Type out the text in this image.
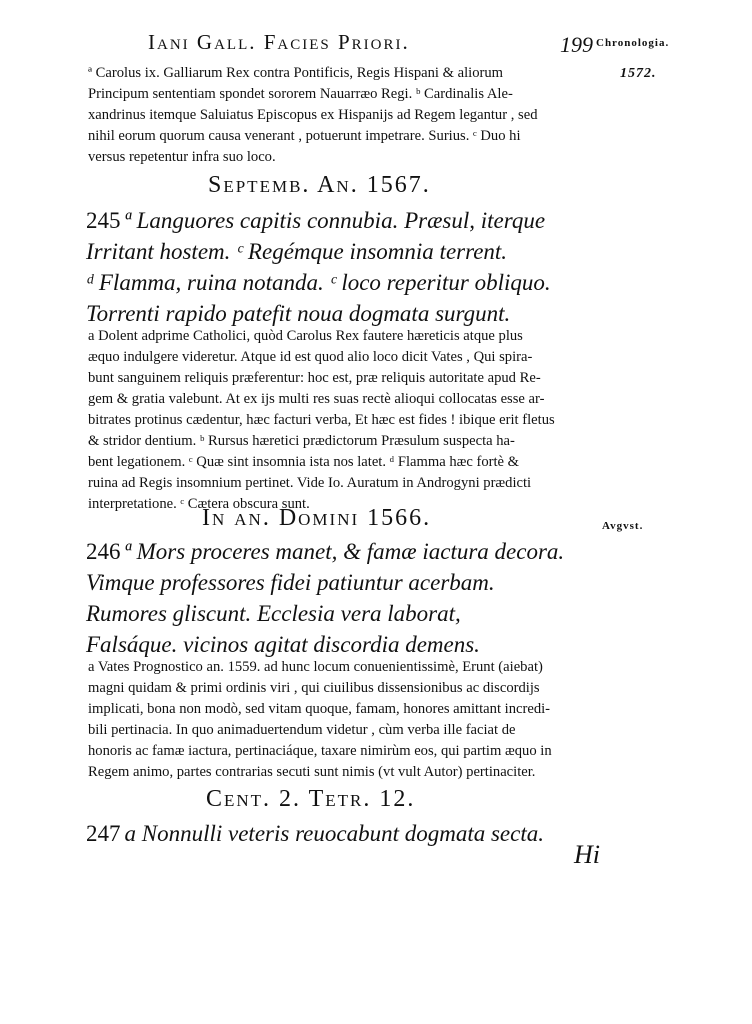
Iani Gall. Facies Priori.	199 Chronologia.
1572.
Avgvst.
ª Carolus ix. Galliarum Rex contra Pontificis, Regis Hispani & aliorum
Principum sententiam spondet sororem Nauarræo Regi. ᵇ Cardinalis Ale-
xandrinus itemque Saluiatus Episcopus ex Hispanijs ad Regem legantur , sed
nihil eorum quorum causa venerant , potuerunt impetrare. Surius. ᶜ Duo hi
versus repetentur infra suo loco.
Septemb. An. 1567.
245 ª Languores capitis connubia. Præsul, iterque
Irritant hostem. ᶜ Regémque insomnia terrent.
ᵈ Flamma, ruina notanda. ᶜ loco reperitur obliquo.
Torrenti rapido patefit noua dogmata surgunt.
a Dolent adprime Catholici, quòd Carolus Rex fautere hæreticis atque plus
æquo indulgere videretur. Atque id est quod alio loco dicit Vates , Qui spira-
bunt sanguinem reliquis præferentur: hoc est, præ reliquis autoritate apud Re-
gem & gratia valebunt. At ex ijs multi res suas rectè alioqui collocatas esse ar-
bitrates protinus cædentur, hæc facturi verba, Et hæc est fides ! ibique erit fletus
& stridor dentium. ᵇ Rursus hæretici prædictorum Præsulum suspecta ha-
bent legationem. ᶜ Quæ sint insomnia ista nos latet. ᵈ Flamma hæc fortè &
ruina ad Regis insomnium pertinet. Vide Io. Auratum in Androgyni prædicti
interpretatione. ᶜ Cætera obscura sunt.
In an. Domini 1566.
246 ª Mors proceres manet, & famæ iactura decora.
Vimque professores fidei patiuntur acerbam.
Rumores gliscunt. Ecclesia vera laborat,
Falsáque. vicinos agitat discordia demens.
a Vates Prognostico an. 1559. ad hunc locum conuenientissimè, Erunt (aiebat)
magni quidam & primi ordinis viri , qui ciuilibus dissensionibus ac discordijs
implicati, bona non modò, sed vitam quoque, famam, honores amittant incredi-
bili pertinacia. In quo animaduertendum videtur , cùm verba ille faciat de
honoris ac famæ iactura, pertinaciáque, taxare nimirùm eos, qui partim æquo in
Regem animo, partes contrarias secuti sunt nimis (vt vult Autor) pertinaciter.
Cent. 2. Tetr. 12.
247 a Nonnulli veteris reuocabunt dogmata secta.
Hi
